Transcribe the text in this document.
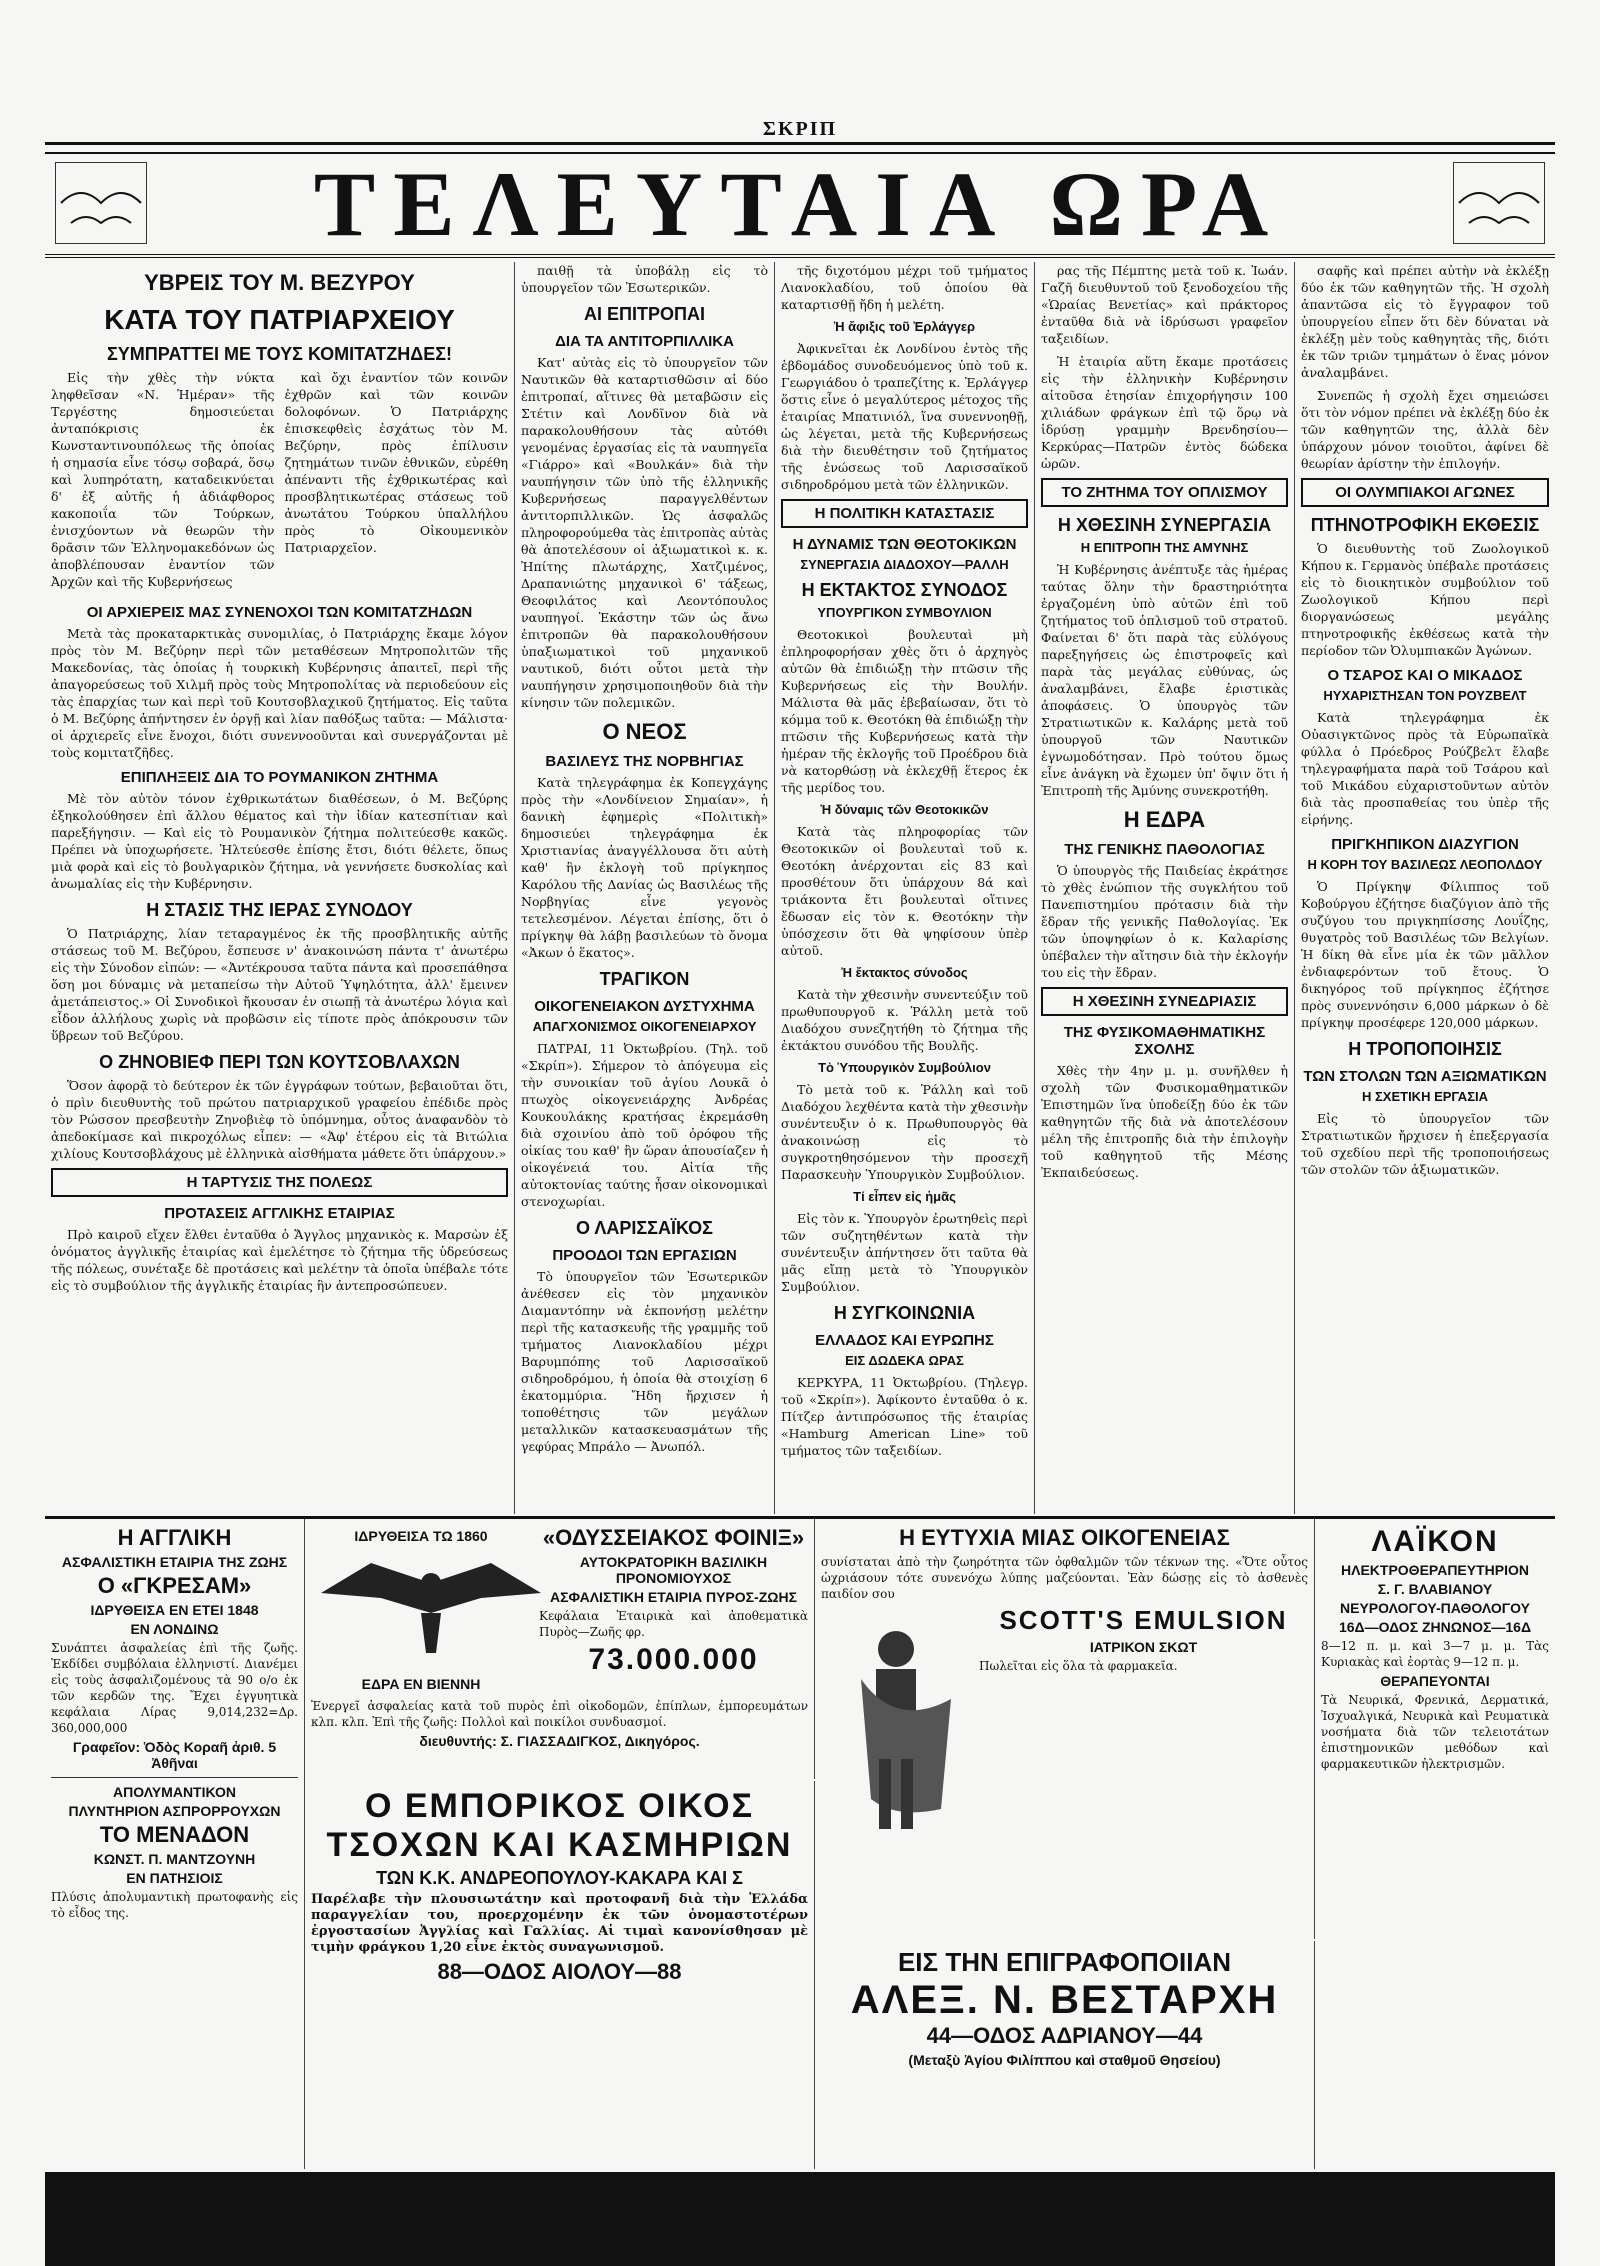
ΣΚΡΙΠ
ΤΕΛΕΥΤΑΙΑ ΩΡΑ
ΥΒΡΕΙΣ ΤΟΥ Μ. ΒΕΖΥΡΟΥ
ΚΑΤΑ ΤΟΥ ΠΑΤΡΙΑΡΧΕΙΟΥ
ΣΥΜΠΡΑΤΤΕΙ ΜΕ ΤΟΥΣ ΚΟΜΙΤΑΤΖΗΔΕΣ!

Εἰς τὴν χθὲς τὴν νύκτα ληφθεῖσαν «Ν. Ἡμέραν» τῆς Τεργέστης δημοσιεύεται ἀνταπόκρισις ἐκ Κωνσταντινουπόλεως τῆς ὁποίας ἡ σημασία εἶνε τόσῳ σοβαρά, ὅσῳ καὶ λυπηρότατη, καταδεικνύεται δ' ἐξ αὐτῆς ἡ ἀδιάφθορος κακοποιΐα τῶν Τούρκων, ἐνισχύοντων νὰ θεωρῶν τὴν δρᾶσιν τῶν Ἑλληνομακεδόνων ὡς ἀποβλέπουσαν ἐναντίον τῶν Ἀρχῶν καὶ τῆς Κυβερνήσεως

καὶ ὄχι ἐναντίον τῶν κοινῶν ἐχθρῶν καὶ τῶν κοινῶν δολοφόνων. Ὁ Πατριάρχης ἐπισκεφθεὶς ἐσχάτως τὸν Μ. Βεζύρην, πρὸς ἐπίλυσιν ζητημάτων τινῶν ἐθνικῶν, εὑρέθη ἀπέναντι τῆς ἐχθρικωτέρας καὶ προσβλητικωτέρας στάσεως τοῦ ἀνωτάτου Τούρκου ὑπαλλήλου πρὸς τὸ Οἰκουμενικὸν Πατριαρχεῖον.

ΟΙ ΑΡΧΙΕΡΕΙΣ ΜΑΣ ΣΥΝΕΝΟΧΟΙ ΤΩΝ ΚΟΜΙΤΑΤΖΗΔΩΝ

Μετὰ τὰς προκαταρκτικὰς συνομιλίας, ὁ Πατριάρχης ἔκαμε λόγον πρὸς τὸν Μ. Βεζύρην περὶ τῶν μεταθέσεων Μητροπολιτῶν τῆς Μακεδονίας, τὰς ὁποίας ἡ τουρκικὴ Κυβέρνησις ἀπαιτεῖ, περὶ τῆς ἀπαγορεύσεως τοῦ Χιλμῆ πρὸς τοὺς Μητροπολίτας νὰ περιοδεύουν εἰς τὰς ἐπαρχίας των καὶ περὶ τοῦ Κουτσοβλαχικοῦ ζητήματος. Εἰς ταῦτα ὁ Μ. Βεζύρης ἀπήντησεν ἐν ὀργῇ καὶ λίαν παθόξως ταῦτα: — Μάλιστα· οἱ ἀρχιερεῖς εἶνε ἔνοχοι, διότι συνεννοοῦνται καὶ συνεργάζονται μὲ τοὺς κομιτατζῆδες.

ΕΠΙΠΛΗΞΕΙΣ ΔΙΑ ΤΟ ΡΟΥΜΑΝΙΚΟΝ ΖΗΤΗΜΑ

Μὲ τὸν αὐτὸν τόνον ἐχθρικωτάτων διαθέσεων, ὁ Μ. Βεζύρης ἐξηκολούθησεν ἐπὶ ἄλλου θέματος καὶ τὴν ἰδίαν κατεσπίτιαν καὶ παρεξήγησιν. — Καὶ εἰς τὸ Ρουμανικὸν ζήτημα πολιτεύεσθε κακῶς. Πρέπει νὰ ὑποχωρήσετε. Ἠλτεύεσθε ἐπίσης ἔτσι, διότι θέλετε, ὅπως μιὰ φορὰ καὶ εἰς τὸ βουλγαρικὸν ζήτημα, νὰ γεννήσετε δυσκολίας καὶ ἀνωμαλίας εἰς τὴν Κυβέρνησιν.

Η ΣΤΑΣΙΣ ΤΗΣ ΙΕΡΑΣ ΣΥΝΟΔΟΥ

Ὁ Πατριάρχης, λίαν τεταραγμένος ἐκ τῆς προσβλητικῆς αὐτῆς στάσεως τοῦ Μ. Βεζύρου, ἔσπευσε ν' ἀνακοινώση πάντα τ' ἀνωτέρω εἰς τὴν Σύνοδον εἰπών: — «Ἀντέκρουσα ταῦτα πάντα καὶ προσεπάθησα ὅση μοι δύναμις νὰ μεταπείσω τὴν Αὐτοῦ Ὑψηλότητα, ἀλλ' ἔμεινεν ἀμετάπειστος.» Οἱ Συνοδικοὶ ἤκουσαν ἐν σιωπῇ τὰ ἀνωτέρω λόγια καὶ εἶδον ἀλλήλους χωρὶς νὰ προβῶσιν εἰς τίποτε πρὸς ἀπόκρουσιν τῶν ὕβρεων τοῦ Βεζύρου.

Ο ΖΗΝΟΒΙΕΦ ΠΕΡΙ ΤΩΝ ΚΟΥΤΣΟΒΛΑΧΩΝ

Ὅσον ἀφορᾷ τὸ δεύτερον ἐκ τῶν ἐγγράφων τούτων, βεβαιοῦται ὅτι, ὁ πρὶν διευθυντὴς τοῦ πρώτου πατριαρχικοῦ γραφείου ἐπέδιδε πρὸς τὸν Ρώσσον πρεσβευτὴν Ζηνοβιὲφ τὸ ὑπόμνημα, οὗτος ἀναφανδὸν τὸ ἀπεδοκίμασε καὶ πικροχόλως εἶπεν: — «Ἀφ' ἑτέρου εἰς τὰ Βιτώλια χιλίους Κουτσοβλάχους μὲ ἐλληνικὰ αἰσθήματα μάθετε ὅτι ὑπάρχουν.»

Η ΤΑΡΤΥΣΙΣ ΤΗΣ ΠΟΛΕΩΣ
ΠΡΟΤΑΣΕΙΣ ΑΓΓΛΙΚΗΣ ΕΤΑΙΡΙΑΣ

Πρὸ καιροῦ εἴχεν ἔλθει ἐνταῦθα ὁ Ἄγγλος μηχανικὸς κ. Μαρσὼν ἐξ ὀνόματος ἀγγλικῆς ἑταιρίας καὶ ἐμελέτησε τὸ ζήτημα τῆς ὑδρεύσεως τῆς πόλεως, συνέταξε δὲ προτάσεις καὶ μελέτην τὰ ὁποῖα ὑπέβαλε τότε εἰς τὸ συμβούλιον τῆς ἀγγλικῆς ἑταιρίας ἣν ἀντεπροσώπευεν.

παιθῇ τὰ ὑποβάλῃ εἰς τὸ ὑπουργεῖον τῶν Ἐσωτερικῶν.

ΑΙ ΕΠΙΤΡΟΠΑΙ
ΔΙΑ ΤΑ ΑΝΤΙΤΟΡΠΙΛΛΙΚΑ

Κατ' αὐτὰς εἰς τὸ ὑπουργεῖον τῶν Ναυτικῶν θὰ καταρτισθῶσιν αἱ δύο ἐπιτροπαί, αἵτινες θὰ μεταβῶσιν εἰς Στέτιν καὶ Λονδῖνον διὰ νὰ παρακολουθήσουν τὰς αὐτόθι γενομένας ἐργασίας εἰς τὰ ναυπηγεῖα «Γιάρρο» καὶ «Βουλκάν» διὰ τὴν ναυπήγησιν τῶν ὑπὸ τῆς ἑλληνικῆς Κυβερνήσεως παραγγελθέντων ἀντιτορπιλλικῶν. Ὡς ἀσφαλῶς πληροφορούμεθα τὰς ἐπιτροπὰς αὐτὰς θὰ ἀποτελέσουν οἱ ἀξιωματικοὶ κ. κ. Ἠπίτης πλωτάρχης, Χατζιμένος, Δραπανιώτης μηχανικοὶ 6' τάξεως, Θεοφιλάτος καὶ Λεοντόπουλος ναυπηγοί. Ἑκάστην τῶν ὡς ἄνω ἐπιτροπῶν θὰ παρακολουθήσουν ὑπαξιωματικοὶ τοῦ μηχανικοῦ ναυτικοῦ, διότι οὗτοι μετὰ τὴν ναυπήγησιν χρησιμοποιηθοῦν διὰ τὴν κίνησιν τῶν πολεμικῶν.

Ο ΝΕΟΣ
ΒΑΣΙΛΕΥΣ ΤΗΣ ΝΟΡΒΗΓΙΑΣ

Κατὰ τηλεγράφημα ἐκ Κοπεγχάγης πρὸς τὴν «Λονδίνειον Σημαίαν», ἡ δανικὴ ἐφημερὶς «Πολιτικὴ» δημοσιεύει τηλεγράφημα ἐκ Χριστιανίας ἀναγγέλλουσα ὅτι αὐτὴ καθ' ἣν ἐκλογὴ τοῦ πρίγκηπος Καρόλου τῆς Δανίας ὡς Βασιλέως τῆς Νορβηγίας εἶνε γεγονὸς τετελεσμένον. Λέγεται ἐπίσης, ὅτι ὁ πρίγκηψ θὰ λάβῃ βασιλεύων τὸ ὄνομα «Ἀκων ὁ ἕκατος».

ΤΡΑΓΙΚΟΝ
ΟΙΚΟΓΕΝΕΙΑΚΟΝ ΔΥΣΤΥΧΗΜΑ
ΑΠΑΓΧΟΝΙΣΜΟΣ ΟΙΚΟΓΕΝΕΙΑΡΧΟΥ

ΠΑΤΡΑΙ, 11 Ὀκτωβρίου. (Τηλ. τοῦ «Σκρίπ»). Σήμερον τὸ ἀπόγευμα εἰς τὴν συνοικίαν τοῦ ἁγίου Λουκᾶ ὁ πτωχὸς οἰκογενειάρχης Ἀνδρέας Κουκουλάκης κρατήσας ἐκρεμάσθη διὰ σχοινίου ἀπὸ τοῦ ὀρόφου τῆς οἰκίας του καθ' ἣν ὥραν ἀπουσίαζεν ἡ οἰκογένειά του. Αἰτία τῆς αὐτοκτονίας ταύτης ἦσαν οἰκονομικαὶ στενοχωρίαι.

Ο ΛΑΡΙΣΣΑΪΚΟΣ
ΠΡΟΟΔΟΙ ΤΩΝ ΕΡΓΑΣΙΩΝ

Τὸ ὑπουργεῖον τῶν Ἐσωτερικῶν ἀνέθεσεν εἰς τὸν μηχανικὸν Διαμαντόπην νὰ ἐκπονήσῃ μελέτην περὶ τῆς κατασκευῆς τῆς γραμμῆς τοῦ τμήματος Λιανοκλαδίου μέχρι Βαρυμπόπης τοῦ Λαρισσαϊκοῦ σιδηροδρόμου, ἡ ὁποία θὰ στοιχίσῃ 6 ἑκατομμύρια. Ἤδη ἤρχισεν ἡ τοποθέτησις τῶν μεγάλων μεταλλικῶν κατασκευασμάτων τῆς γεφύρας Μπράλο — Ἀνωπόλ.

τῆς διχοτόμου μέχρι τοῦ τμήματος Λιανοκλαδίου, τοῦ ὁποίου θὰ καταρτισθῇ ἤδη ἡ μελέτη.

Ἡ ἄφιξις τοῦ Ἐρλάγγερ

Ἀφικνεῖται ἐκ Λονδίνου ἐντὸς τῆς ἑβδομάδος συνοδευόμενος ὑπὸ τοῦ κ. Γεωργιάδου ὁ τραπεζίτης κ. Ἐρλάγγερ ὅστις εἶνε ὁ μεγαλύτερος μέτοχος τῆς ἑταιρίας Μπατινιόλ, ἵνα συνεννοηθῇ, ὡς λέγεται, μετὰ τῆς Κυβερνήσεως διὰ τὴν διευθέτησιν τοῦ ζητήματος τῆς ἑνώσεως τοῦ Λαρισσαϊκοῦ σιδηροδρόμου μετὰ τῶν ἑλληνικῶν.

Η ΠΟΛΙΤΙΚΗ ΚΑΤΑΣΤΑΣΙΣ
Η ΔΥΝΑΜΙΣ ΤΩΝ ΘΕΟΤΟΚΙΚΩΝ
ΣΥΝΕΡΓΑΣΙΑ ΔΙΑΔΟΧΟΥ—ΡΑΛΛΗ
Η ΕΚΤΑΚΤΟΣ ΣΥΝΟΔΟΣ
ΥΠΟΥΡΓΙΚΟΝ ΣΥΜΒΟΥΛΙΟΝ

Θεοτοκικοὶ βουλευταὶ μὴ ἐπληροφορήσαν χθὲς ὅτι ὁ ἀρχηγὸς αὐτῶν θὰ ἐπιδιώξῃ τὴν πτῶσιν τῆς Κυβερνήσεως εἰς τὴν Βουλήν. Μάλιστα θὰ μᾶς ἐβεβαίωσαν, ὅτι τὸ κόμμα τοῦ κ. Θεοτόκη θὰ ἐπιδιώξῃ τὴν πτῶσιν τῆς Κυβερνήσεως κατὰ τὴν ἡμέραν τῆς ἐκλογῆς τοῦ Προέδρου διὰ νὰ κατορθώσῃ νὰ ἐκλεχθῇ ἕτερος ἐκ τῆς μερίδος του.

Ἡ δύναμις τῶν Θεοτοκικῶν

Κατὰ τὰς πληροφορίας τῶν Θεοτοκικῶν οἱ βουλευταὶ τοῦ κ. Θεοτόκη ἀνέρχονται εἰς 83 καὶ προσθέτουν ὅτι ὑπάρχουν 8ά καὶ τριάκοντα ἔτι βουλευταὶ οἵτινες ἔδωσαν εἰς τὸν κ. Θεοτόκην τὴν ὑπόσχεσιν ὅτι θὰ ψηφίσουν ὑπὲρ αὐτοῦ.

Ἡ ἔκτακτος σύνοδος

Κατὰ τὴν χθεσινὴν συνεντεύξιν τοῦ πρωθυπουργοῦ κ. Ῥάλλη μετὰ τοῦ Διαδόχου συνεζητήθη τὸ ζήτημα τῆς ἐκτάκτου συνόδου τῆς Βουλῆς.

Τὸ Ὑπουργικὸν Συμβούλιον

Τὸ μετὰ τοῦ κ. Ῥάλλη καὶ τοῦ Διαδόχου λεχθέντα κατὰ τὴν χθεσινὴν συνέντευξιν ὁ κ. Πρωθυπουργὸς θὰ ἀνακοινώσῃ εἰς τὸ συγκροτηθησόμενον τὴν προσεχῆ Παρασκευὴν Ὑπουργικὸν Συμβούλιον.

Τί εἶπεν εἰς ἡμᾶς

Εἰς τὸν κ. Ὑπουργὸν ἐρωτηθεὶς περὶ τῶν συζητηθέντων κατὰ τὴν συνέντευξιν ἀπήντησεν ὅτι ταῦτα θὰ μᾶς εἴπῃ μετὰ τὸ Ὑπουργικὸν Συμβούλιον.

Η ΣΥΓΚΟΙΝΩΝΙΑ
ΕΛΛΑΔΟΣ ΚΑΙ ΕΥΡΩΠΗΣ
ΕΙΣ ΔΩΔΕΚΑ ΩΡΑΣ

ΚΕΡΚΥΡΑ, 11 Ὀκτωβρίου. (Τηλεγρ. τοῦ «Σκρίπ»). Ἀφίκοντο ἐνταῦθα ὁ κ. Πίτζερ ἀντιπρόσωπος τῆς ἑταιρίας «Hamburg American Line» τοῦ τμήματος τῶν ταξειδίων.

ρας τῆς Πέμπτης μετὰ τοῦ κ. Ἰωάν. Γαζῆ διευθυντοῦ τοῦ ξενοδοχείου τῆς «Ὡραίας Βενετίας» καὶ πράκτορος ἐνταῦθα διὰ νὰ ἱδρύσωσι γραφεῖον ταξειδίων.

Ἡ ἑταιρία αὕτη ἔκαμε προτάσεις εἰς τὴν ἑλληνικὴν Κυβέρνησιν αἰτοῦσα ἐτησίαν ἐπιχορήγησιν 100 χιλιάδων φράγκων ἐπὶ τῷ ὅρῳ νὰ ἱδρύσῃ γραμμὴν Βρενδησίου—Κερκύρας—Πατρῶν ἐντὸς δώδεκα ὡρῶν.

ΤΟ ΖΗΤΗΜΑ ΤΟΥ ΟΠΛΙΣΜΟΥ
Η ΧΘΕΣΙΝΗ ΣΥΝΕΡΓΑΣΙΑ
Η ΕΠΙΤΡΟΠΗ ΤΗΣ ΑΜΥΝΗΣ

Ἡ Κυβέρνησις ἀνέπτυξε τὰς ἡμέρας ταύτας ὅλην τὴν δραστηριότητα ἐργαζομένη ὑπὸ αὐτῶν ἐπὶ τοῦ ζητήματος τοῦ ὁπλισμοῦ τοῦ στρατοῦ. Φαίνεται δ' ὅτι παρὰ τὰς εὐλόγους παρεξηγήσεις ὡς ἐπιστροφεῖς καὶ παρὰ τὰς μεγάλας εὐθύνας, ὡς ἀναλαμβάνει, ἔλαβε ἐριστικὰς ἀποφάσεις. Ὁ ὑπουργὸς τῶν Στρατιωτικῶν κ. Καλάρης μετὰ τοῦ ὑπουργοῦ τῶν Ναυτικῶν ἐγνωμοδότησαν. Πρὸ τούτου ὅμως εἶνε ἀνάγκη νὰ ἔχωμεν ὑπ' ὄψιν ὅτι ἡ Ἐπιτροπὴ τῆς Ἀμύνης συνεκροτήθη.

Η ΕΔΡΑ
ΤΗΣ ΓΕΝΙΚΗΣ ΠΑΘΟΛΟΓΙΑΣ

Ὁ ὑπουργὸς τῆς Παιδείας ἐκράτησε τὸ χθὲς ἐνώπιον τῆς συγκλήτου τοῦ Πανεπιστημίου πρότασιν διὰ τὴν ἔδραν τῆς γενικῆς Παθολογίας. Ἐκ τῶν ὑποψηφίων ὁ κ. Καλαρίσης ὑπέβαλεν τὴν αἴτησιν διὰ τὴν ἐκλογήν του εἰς τὴν ἔδραν.

Η ΧΘΕΣΙΝΗ ΣΥΝΕΔΡΙΑΣΙΣ
ΤΗΣ ΦΥΣΙΚΟΜΑΘΗΜΑΤΙΚΗΣ ΣΧΟΛΗΣ

Χθὲς τὴν 4ην μ. μ. συνῆλθεν ἡ σχολὴ τῶν Φυσικομαθηματικῶν Ἐπιστημῶν ἵνα ὑποδείξῃ δύο ἐκ τῶν καθηγητῶν τῆς διὰ νὰ ἀποτελέσουν μέλη τῆς ἐπιτροπῆς διὰ τὴν ἐπιλογὴν τοῦ καθηγητοῦ τῆς Μέσης Ἐκπαιδεύσεως.

σαφῆς καὶ πρέπει αὐτὴν νὰ ἐκλέξῃ δύο ἐκ τῶν καθηγητῶν τῆς. Ἡ σχολὴ ἀπαντῶσα εἰς τὸ ἔγγραφον τοῦ ὑπουργείου εἶπεν ὅτι δὲν δύναται νὰ ἐκλέξῃ μὲν τοὺς καθηγητὰς τῆς, διότι ἐκ τῶν τριῶν τμημάτων ὁ ἕνας μόνον ἀναλαμβάνει.

Συνεπῶς ἡ σχολὴ ἔχει σημειώσει ὅτι τὸν νόμον πρέπει νὰ ἐκλέξῃ δύο ἐκ τῶν καθηγητῶν της, ἀλλὰ δὲν ὑπάρχουν μόνον τοιοῦτοι, ἀφίνει δὲ θεωρίαν ἀρίστην τὴν ἐπιλογήν.

ΟΙ ΟΛΥΜΠΙΑΚΟΙ ΑΓΩΝΕΣ
ΠΤΗΝΟΤΡΟΦΙΚΗ ΕΚΘΕΣΙΣ

Ὁ διευθυντὴς τοῦ Ζωολογικοῦ Κήπου κ. Γερμανὸς ὑπέβαλε προτάσεις εἰς τὸ διοικητικὸν συμβούλιον τοῦ Ζωολογικοῦ Κήπου περὶ διοργανώσεως μεγάλης πτηνοτροφικῆς ἐκθέσεως κατὰ τὴν περίοδον τῶν Ὀλυμπιακῶν Ἀγώνων.

Ο ΤΣΑΡΟΣ ΚΑΙ Ο ΜΙΚΑΔΟΣ
ΗΥΧΑΡΙΣΤΗΣΑΝ ΤΟΝ ΡΟΥΖΒΕΛΤ

Κατὰ τηλεγράφημα ἐκ Οὐασιγκτῶνος πρὸς τὰ Εὐρωπαϊκὰ φύλλα ὁ Πρόεδρος Ρούζβελτ ἔλαβε τηλεγραφήματα παρὰ τοῦ Τσάρου καὶ τοῦ Μικάδου εὐχαριστοῦντων αὐτὸν διὰ τὰς προσπαθείας του ὑπὲρ τῆς εἰρήνης.

ΠΡΙΓΚΗΠΙΚΟΝ ΔΙΑΖΥΓΙΟΝ
Η ΚΟΡΗ ΤΟΥ ΒΑΣΙΛΕΩΣ ΛΕΟΠΟΛΔΟΥ

Ὁ Πρίγκηψ Φίλιππος τοῦ Κοβούργου ἐζήτησε διαζύγιον ἀπὸ τῆς συζύγου του πριγκηπίσσης Λουΐζης, θυγατρὸς τοῦ Βασιλέως τῶν Βελγίων. Ἡ δίκη θὰ εἶνε μία ἐκ τῶν μᾶλλον ἐνδιαφερόντων τοῦ ἔτους. Ὁ δικηγόρος τοῦ πρίγκηπος ἐζήτησε πρὸς συνεννόησιν 6,000 μάρκων ὁ δὲ πρίγκηψ προσέφερε 120,000 μάρκων.

Η ΤΡΟΠΟΠΟΙΗΣΙΣ
ΤΩΝ ΣΤΟΛΩΝ ΤΩΝ ΑΞΙΩΜΑΤΙΚΩΝ
Η ΣΧΕΤΙΚΗ ΕΡΓΑΣΙΑ

Εἰς τὸ ὑπουργεῖον τῶν Στρατιωτικῶν ἤρχισεν ἡ ἐπεξεργασία τοῦ σχεδίου περὶ τῆς τροποποιήσεως τῶν στολῶν τῶν ἀξιωματικῶν.

Η ΑΓΓΛΙΚΗ
ΑΣΦΑΛΙΣΤΙΚΗ ΕΤΑΙΡΙΑ ΤΗΣ ΖΩΗΣ
Ο «ΓΚΡΕΣΑΜ»
ΙΔΡΥΘΕΙΣΑ ΕΝ ΕΤΕΙ 1848
ΕΝ ΛΟΝΔΙΝΩ
Συνάπτει ἀσφαλείας ἐπὶ τῆς ζωῆς. Ἐκδίδει συμβόλαια ἑλληνιστί. Διανέμει εἰς τοὺς ἀσφαλιζομένους τὰ 90 ο/ο ἐκ τῶν κερδῶν της. Ἔχει ἐγγυητικὰ κεφάλαια Λίρας 9,014,232=Δρ. 360,000,000
Γραφεῖον: Ὁδὸς Κοραῆ ἀριθ. 5 Ἀθῆναι
ΑΠΟΛΥΜΑΝΤΙΚΟΝ
ΠΛΥΝΤΗΡΙΟΝ ΑΣΠΡΟΡΡΟΥΧΩΝ
ΤΟ ΜΕΝΑΔΟΝ
ΚΩΝΣΤ. Π. ΜΑΝΤΖΟΥΝΗ
ΕΝ ΠΑΤΗΣΙΟΙΣ
Πλύσις ἀπολυμαντικὴ πρωτοφανὴς εἰς τὸ εἶδος της.
ΙΔΡΥΘΕΙΣΑ ΤΩ 1860
ΕΔΡΑ ΕΝ ΒΙΕΝΝΗ
«ΟΔΥΣΣΕΙΑΚΟΣ ΦΟΙΝΙΞ»
ΑΥΤΟΚΡΑΤΟΡΙΚΗ ΒΑΣΙΛΙΚΗ ΠΡΟΝΟΜΙΟΥΧΟΣ
ΑΣΦΑΛΙΣΤΙΚΗ ΕΤΑΙΡΙΑ ΠΥΡΟΣ-ΖΩΗΣ
Κεφάλαια Ἐταιρικὰ καὶ ἀποθεματικὰ Πυρὸς—Ζωῆς φρ.
73.000.000
Ἐνεργεῖ ἀσφαλείας κατὰ τοῦ πυρὸς ἐπὶ οἰκοδομῶν, ἐπίπλων, ἐμπορευμάτων κλπ. κλπ. Ἐπὶ τῆς ζωῆς: Πολλοὶ καὶ ποικίλοι συνδυασμοί.
διευθυντής: Σ. ΓΙΑΣΣΑΔΙΓΚΟΣ, Δικηγόρος.
Ο ΕΜΠΟΡΙΚΟΣ ΟΙΚΟΣ
ΤΣΟΧΩΝ ΚΑΙ ΚΑΣΜΗΡΙΩΝ
ΤΩΝ Κ.Κ. ΑΝΔΡΕΟΠΟΥΛΟΥ-ΚΑΚΑΡΑ ΚΑΙ Σ
Παρέλαβε τὴν πλουσιωτάτην καὶ προτοφανῆ διὰ τὴν Ἑλλάδα παραγγελίαν του, προερχομένην ἐκ τῶν ὀνομαστοτέρων ἐργοστασίων Ἀγγλίας καὶ Γαλλίας. Αἱ τιμαὶ κανονίσθησαν μὲ τιμὴν φράγκου 1,20 εἶνε ἐκτὸς συναγωνισμοῦ.
88—ΟΔΟΣ ΑΙΟΛΟΥ—88
Η ΕΥΤΥΧΙΑ ΜΙΑΣ ΟΙΚΟΓΕΝΕΙΑΣ
συνίσταται ἀπὸ τὴν ζωηρότητα τῶν ὀφθαλμῶν τῶν τέκνων της. «Ὅτε οὗτος ὠχριάσουν τότε συνενόχω λύπης μαζεύονται. Ἐὰν δώσῃς εἰς τὸ ἀσθενὲς παιδίον σου
SCOTT'S EMULSION
ΙΑΤΡΙΚΟΝ ΣΚΩΤ
Πωλεῖται εἰς ὅλα τὰ φαρμακεῖα.
ΕΙΣ ΤΗΝ ΕΠΙΓΡΑΦΟΠΟΙΙΑΝ
ΑΛΕΞ. Ν. ΒΕΣΤΑΡΧΗ
44—ΟΔΟΣ ΑΔΡΙΑΝΟΥ—44
(Μεταξὺ Ἁγίου Φιλίππου καὶ σταθμοῦ Θησείου)
ΛΑΪΚΟΝ
ΗΛΕΚΤΡΟΘΕΡΑΠΕΥΤΗΡΙΟΝ
Σ. Γ. ΒΛΑΒΙΑΝΟΥ
ΝΕΥΡΟΛΟΓΟΥ-ΠΑΘΟΛΟΓΟΥ
16Δ—ΟΔΟΣ ΖΗΝΩΝΟΣ—16Δ
8—12 π. μ. καὶ 3—7 μ. μ. Τὰς Κυριακὰς καὶ ἑορτὰς 9—12 π. μ.
ΘΕΡΑΠΕΥΟΝΤΑΙ
Τὰ Νευρικά, Φρενικά, Δερματικά, Ἰσχυαλγικά, Νευρικὰ καὶ Ρευματικὰ νοσήματα διὰ τῶν τελειοτάτων ἐπιστημονικῶν μεθόδων καὶ φαρμακευτικῶν ἠλεκτρισμῶν.
